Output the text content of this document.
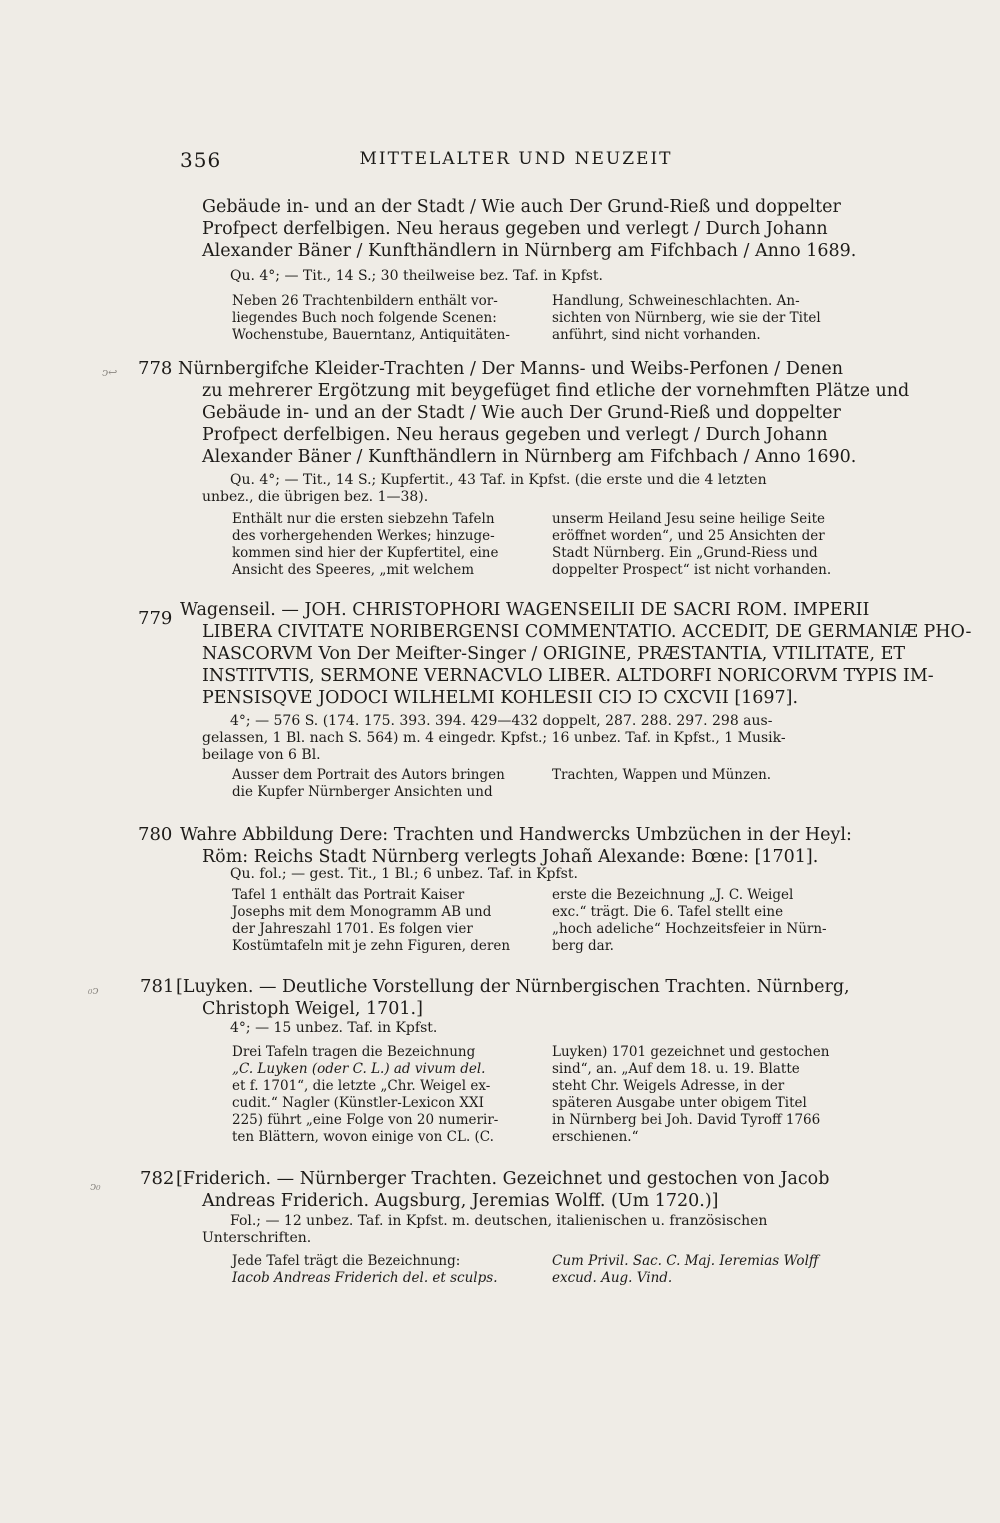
356	MITTELALTER UND NEUZEIT
Gebäude in- und an der Stadt / Wie auch Der Grund-Rieß und doppelter
Profpect derfelbigen. Neu heraus gegeben und verlegt / Durch Johann
Alexander Bäner / Kunfthändlern in Nürnberg am Fifchbach / Anno 1689.
Qu. 4°; — Tit., 14 S.; 30 theilweise bez. Taf. in Kpfst.
Neben 26 Trachtenbildern enthält vor-
liegendes Buch noch folgende Scenen:
Wochenstube, Bauerntanz, Antiquitäten-
Handlung, Schweineschlachten. An-
sichten von Nürnberg, wie sie der Titel
anführt, sind nicht vorhanden.
ↄ↩ 778 Nürnbergifche Kleider-Trachten / Der Manns- und Weibs-Perfonen / Denen
zu mehrerer Ergötzung mit beygefüget find etliche der vornehmften Plätze und
Gebäude in- und an der Stadt / Wie auch Der Grund-Rieß und doppelter
Profpect derfelbigen. Neu heraus gegeben und verlegt / Durch Johann
Alexander Bäner / Kunfthändlern in Nürnberg am Fifchbach / Anno 1690.
Qu. 4°; — Tit., 14 S.; Kupfertit., 43 Taf. in Kpfst. (die erste und die 4 letzten
unbez., die übrigen bez. 1—38).
Enthält nur die ersten siebzehn Tafeln
des vorhergehenden Werkes; hinzuge-
kommen sind hier der Kupfertitel, eine
Ansicht des Speeres, „mit welchem
unserm Heiland Jesu seine heilige Seite
eröffnet worden“, und 25 Ansichten der
Stadt Nürnberg. Ein „Grund-Riess und
doppelter Prospect“ ist nicht vorhanden.
779 Wagenseil. — JOH. CHRISTOPHORI WAGENSEILII DE SACRI ROM. IMPERII
LIBERA CIVITATE NORIBERGENSI COMMENTATIO. ACCEDIT, DE GERMANIÆ PHO-
NASCORVM Von Der Meifter-Singer / ORIGINE, PRÆSTANTIA, VTILITATE, ET
INSTITVTIS, SERMONE VERNACVLO LIBER. ALTDORFI NORICORVM TYPIS IM-
PENSISQVE JODOCI WILHELMI KOHLESII CIϽ IϽ CXCVII [1697].
4°; — 576 S. (174. 175. 393. 394. 429—432 doppelt, 287. 288. 297. 298 aus-
gelassen, 1 Bl. nach S. 564) m. 4 eingedr. Kpfst.; 16 unbez. Taf. in Kpfst., 1 Musik-
beilage von 6 Bl.
Ausser dem Portrait des Autors bringen
die Kupfer Nürnberger Ansichten und
Trachten, Wappen und Münzen.
780 Wahre Abbildung Dere: Trachten und Handwercks Umbzüchen in der Heyl:
Röm: Reichs Stadt Nürnberg verlegts Johañ Alexande: Bœne: [1701].
Qu. fol.; — gest. Tit., 1 Bl.; 6 unbez. Taf. in Kpfst.
Tafel 1 enthält das Portrait Kaiser
Josephs mit dem Monogramm AB und
der Jahreszahl 1701. Es folgen vier
Kostümtafeln mit je zehn Figuren, deren
erste die Bezeichnung „J. C. Weigel
exc.“ trägt. Die 6. Tafel stellt eine
„hoch adeliche“ Hochzeitsfeier in Nürn-
berg dar.
₀ↄ 781 [Luyken. — Deutliche Vorstellung der Nürnbergischen Trachten. Nürnberg,
Christoph Weigel, 1701.]
4°; — 15 unbez. Taf. in Kpfst.
Drei Tafeln tragen die Bezeichnung
„C. Luyken (oder C. L.) ad vivum del.
et f. 1701“, die letzte „Chr. Weigel ex-
cudit.“ Nagler (Künstler-Lexicon XXI
225) führt „eine Folge von 20 numerir-
ten Blättern, wovon einige von CL. (C.
Luyken) 1701 gezeichnet und gestochen
sind“, an. „Auf dem 18. u. 19. Blatte
steht Chr. Weigels Adresse, in der
späteren Ausgabe unter obigem Titel
in Nürnberg bei Joh. David Tyroff 1766
erschienen.“
ↄ₀ 782 [Friderich. — Nürnberger Trachten. Gezeichnet und gestochen von Jacob
Andreas Friderich. Augsburg, Jeremias Wolff. (Um 1720.)]
Fol.; — 12 unbez. Taf. in Kpfst. m. deutschen, italienischen u. französischen
Unterschriften.
Jede Tafel trägt die Bezeichnung:
Iacob Andreas Friderich del. et sculps.
Cum Privil. Sac. C. Maj. Ieremias Wolff
excud. Aug. Vind.
